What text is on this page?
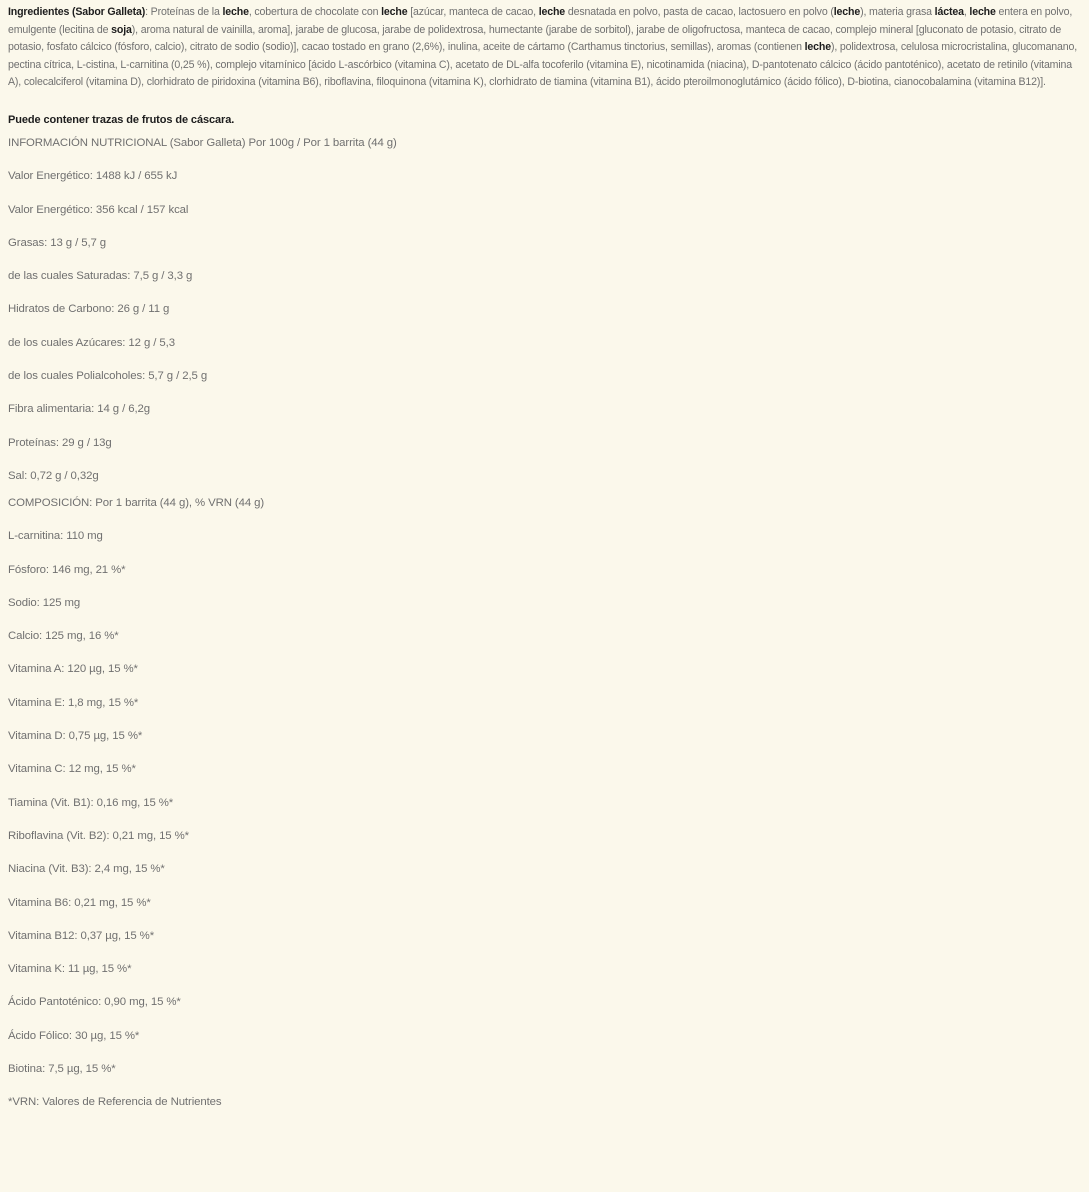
Ingredientes (Sabor Galleta): Proteínas de la leche, cobertura de chocolate con leche [azúcar, manteca de cacao, leche desnatada en polvo, pasta de cacao, lactosuero en polvo (leche), materia grasa láctea, leche entera en polvo, emulgente (lecitina de soja), aroma natural de vainilla, aroma], jarabe de glucosa, jarabe de polidextrosa, humectante (jarabe de sorbitol), jarabe de oligofructosa, manteca de cacao, complejo mineral [gluconato de potasio, citrato de potasio, fosfato cálcico (fósforo, calcio), citrato de sodio (sodio)], cacao tostado en grano (2,6%), inulina, aceite de cártamo (Carthamus tinctorius, semillas), aromas (contienen leche), polidextrosa, celulosa microcristalina, glucomanano, pectina cítrica, L-cistina, L-carnitina (0,25 %), complejo vitamínico [ácido L-ascórbico (vitamina C), acetato de DL-alfa tocoferilo (vitamina E), nicotinamida (niacina), D-pantotenato cálcico (ácido pantoténico), acetato de retinilo (vitamina A), colecalciferol (vitamina D), clorhidrato de piridoxina (vitamina B6), riboflavina, filoquinona (vitamina K), clorhidrato de tiamina (vitamina B1), ácido pteroilmonoglutámico (ácido fólico), D-biotina, cianocobalamina (vitamina B12)].

Puede contener trazas de frutos de cáscara.
INFORMACIÓN NUTRICIONAL (Sabor Galleta) Por 100g / Por 1 barrita (44 g)
Valor Energético: 1488 kJ / 655 kJ
Valor Energético: 356 kcal / 157 kcal
Grasas: 13 g / 5,7 g
de las cuales Saturadas: 7,5 g / 3,3 g
Hidratos de Carbono: 26 g / 11 g
de los cuales Azúcares: 12 g / 5,3
de los cuales Polialcoholes: 5,7 g / 2,5 g
Fibra alimentaria: 14 g / 6,2g
Proteínas: 29 g / 13g
Sal: 0,72 g / 0,32g
COMPOSICIÓN: Por 1 barrita (44 g), % VRN (44 g)
L-carnitina: 110 mg
Fósforo: 146 mg, 21 %*
Sodio: 125 mg
Calcio: 125 mg, 16 %*
Vitamina A: 120 µg, 15 %*
Vitamina E: 1,8 mg, 15 %*
Vitamina D: 0,75 µg, 15 %*
Vitamina C: 12 mg, 15 %*
Tiamina (Vit. B1): 0,16 mg, 15 %*
Riboflavina (Vit. B2): 0,21 mg, 15 %*
Niacina (Vit. B3): 2,4 mg, 15 %*
Vitamina B6: 0,21 mg, 15 %*
Vitamina B12: 0,37 µg, 15 %*
Vitamina K: 11 µg, 15 %*
Ácido Pantoténico: 0,90 mg, 15 %*
Ácido Fólico: 30 µg, 15 %*
Biotina: 7,5 µg, 15 %*
*VRN: Valores de Referencia de Nutrientes
